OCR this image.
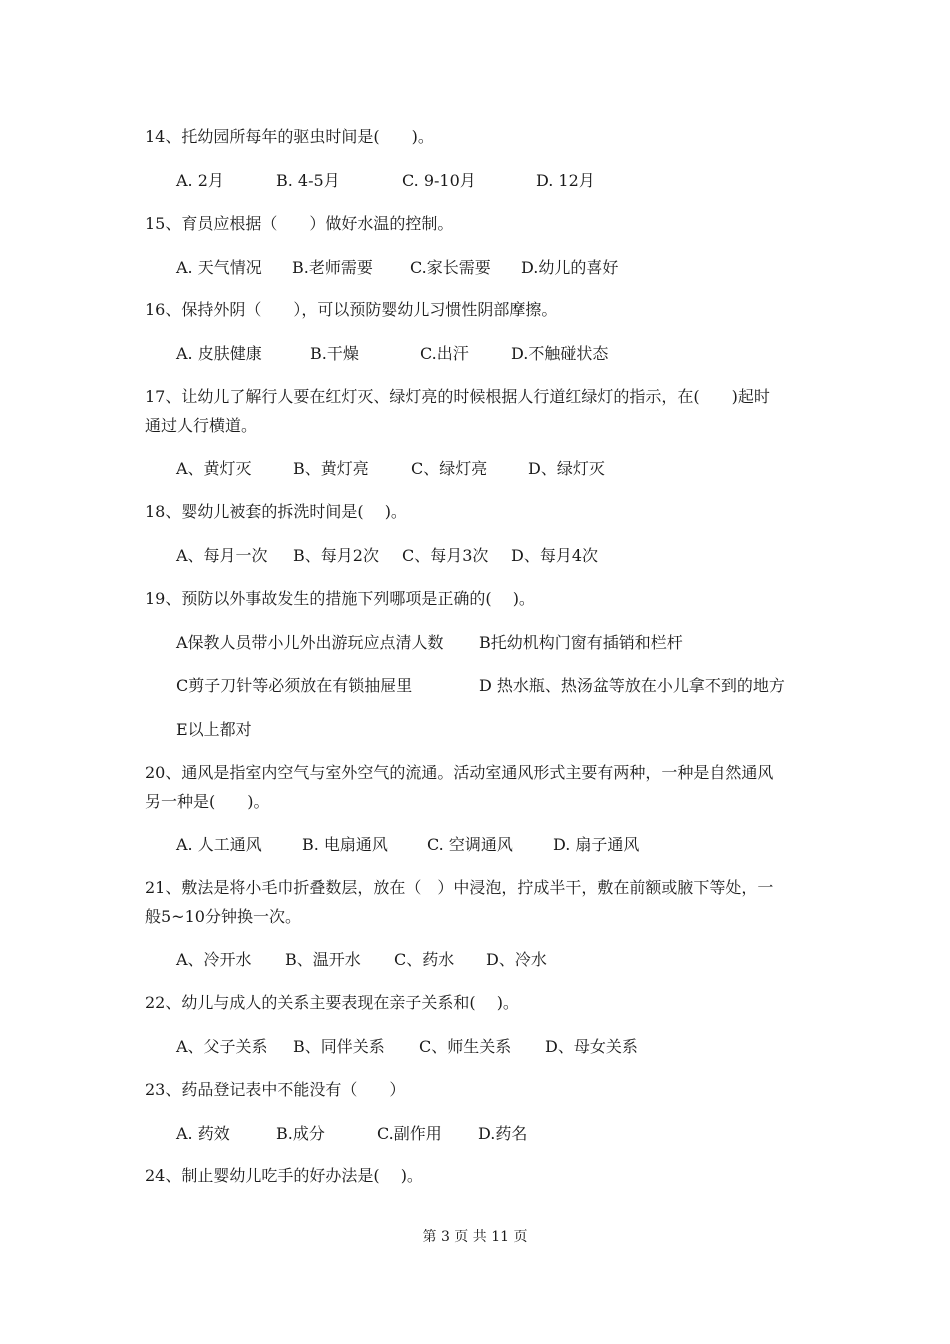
14、托幼园所每年的驱虫时间是(　　)。
A. 2月	B. 4-5月	C. 9-10月	D. 12月
15、育员应根据（　　）做好水温的控制。
A. 天气情况 B.老师需要 C.家长需要 D.幼儿的喜好
16、保持外阴（　　），可以预防婴幼儿习惯性阴部摩擦。
A. 皮肤健康	B.干燥	C.出汗	D.不触碰状态
17、让幼儿了解行人要在红灯灭、绿灯亮的时候根据人行道红绿灯的指示，在(　　)起时
通过人行横道。
A、黄灯灭	B、黄灯亮	C、绿灯亮	D、绿灯灭
18、婴幼儿被套的拆洗时间是(　 )。
A、每月一次 B、每月2次 C、每月3次 D、每月4次
19、预防以外事故发生的措施下列哪项是正确的(　 )。
A保教人员带小儿外出游玩应点清人数 B托幼机构门窗有插销和栏杆
C剪子刀针等必须放在有锁抽屉里	D 热水瓶、热汤盆等放在小儿拿不到的地方
E以上都对
20、通风是指室内空气与室外空气的流通。活动室通风形式主要有两种，一种是自然通风
另一种是(　　)。
A. 人工通风	B. 电扇通风 C. 空调通风	D. 扇子通风
21、敷法是将小毛巾折叠数层，放在（　）中浸泡，拧成半干，敷在前额或腋下等处，一
般5~10分钟换一次。
A、冷开水 B、温开水 C、药水 D、冷水
22、幼儿与成人的关系主要表现在亲子关系和(　 )。
A、父子关系 B、同伴关系 C、师生关系 D、母女关系
23、药品登记表中不能没有（　　）
A. 药效	B.成分	C.副作用 D.药名
24、制止婴幼儿吃手的好办法是(　 )。
第 3 页 共 11 页
